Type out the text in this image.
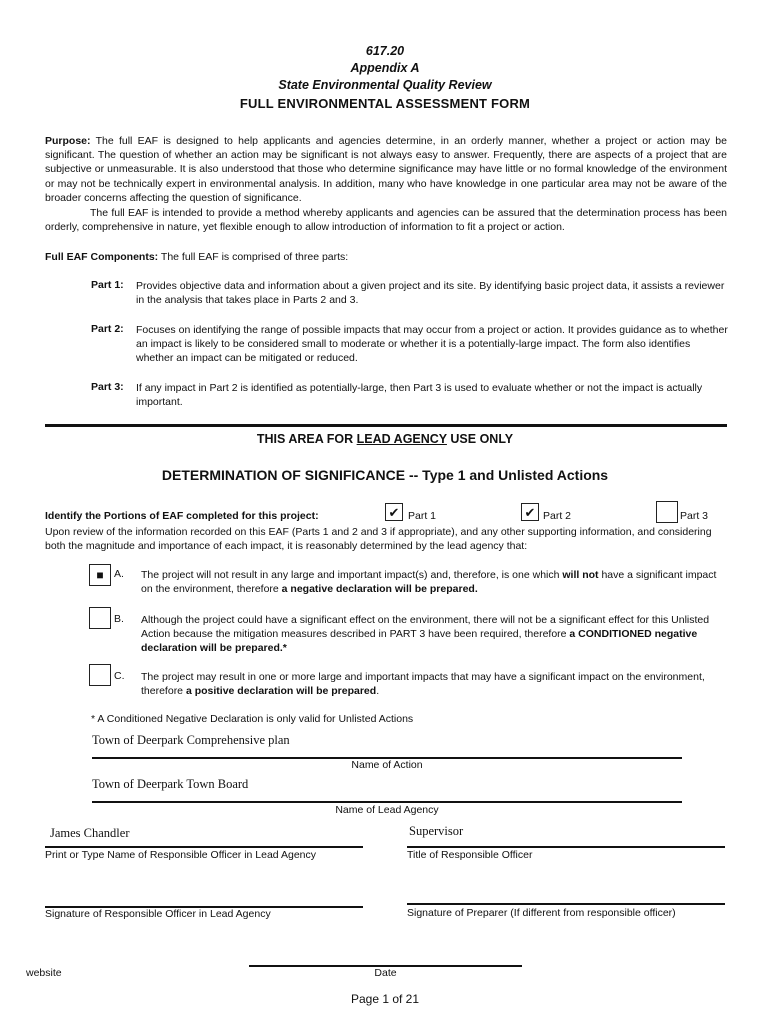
617.20
Appendix A
State Environmental Quality Review
FULL ENVIRONMENTAL ASSESSMENT FORM

Purpose: The full EAF is designed to help applicants and agencies determine, in an orderly manner, whether a project or action may be significant. The question of whether an action may be significant is not always easy to answer. Frequently, there are aspects of a project that are subjective or unmeasurable. It is also understood that those who determine significance may have little or no formal knowledge of the environment or may not be technically expert in environmental analysis. In addition, many who have knowledge in one particular area may not be aware of the broader concerns affecting the question of significance.

The full EAF is intended to provide a method whereby applicants and agencies can be assured that the determination process has been orderly, comprehensive in nature, yet flexible enough to allow introduction of information to fit a project or action.

Full EAF Components: The full EAF is comprised of three parts:

Part 1: Provides objective data and information about a given project and its site. By identifying basic project data, it assists a reviewer in the analysis that takes place in Parts 2 and 3.

Part 2: Focuses on identifying the range of possible impacts that may occur from a project or action. It provides guidance as to whether an impact is likely to be considered small to moderate or whether it is a potentially-large impact. The form also identifies whether an impact can be mitigated or reduced.

Part 3: If any impact in Part 2 is identified as potentially-large, then Part 3 is used to evaluate whether or not the impact is actually important.

THIS AREA FOR LEAD AGENCY USE ONLY
DETERMINATION OF SIGNIFICANCE -- Type 1 and Unlisted Actions
Identify the Portions of EAF completed for this project:	✔ Part 1	✔ Part 2	Part 3

Upon review of the information recorded on this EAF (Parts 1 and 2 and 3 if appropriate), and any other supporting information, and considering both the magnitude and importance of each impact, it is reasonably determined by the lead agency that:

■ A. The project will not result in any large and important impact(s) and, therefore, is one which will not have a significant impact on the environment, therefore a negative declaration will be prepared.

B. Although the project could have a significant effect on the environment, there will not be a significant effect for this Unlisted Action because the mitigation measures described in PART 3 have been required, therefore a CONDITIONED negative declaration will be prepared.*

C. The project may result in one or more large and important impacts that may have a significant impact on the environment, therefore a positive declaration will be prepared.

* A Conditioned Negative Declaration is only valid for Unlisted Actions
Town of Deerpark Comprehensive plan
Name of Action
Town of Deerpark Town Board
Name of Lead Agency
James Chandler
Print or Type Name of Responsible Officer in Lead Agency
Supervisor
Title of Responsible Officer
Signature of Responsible Officer in Lead Agency	Signature of Preparer (If different from responsible officer)
website	Date
Page 1 of 21
